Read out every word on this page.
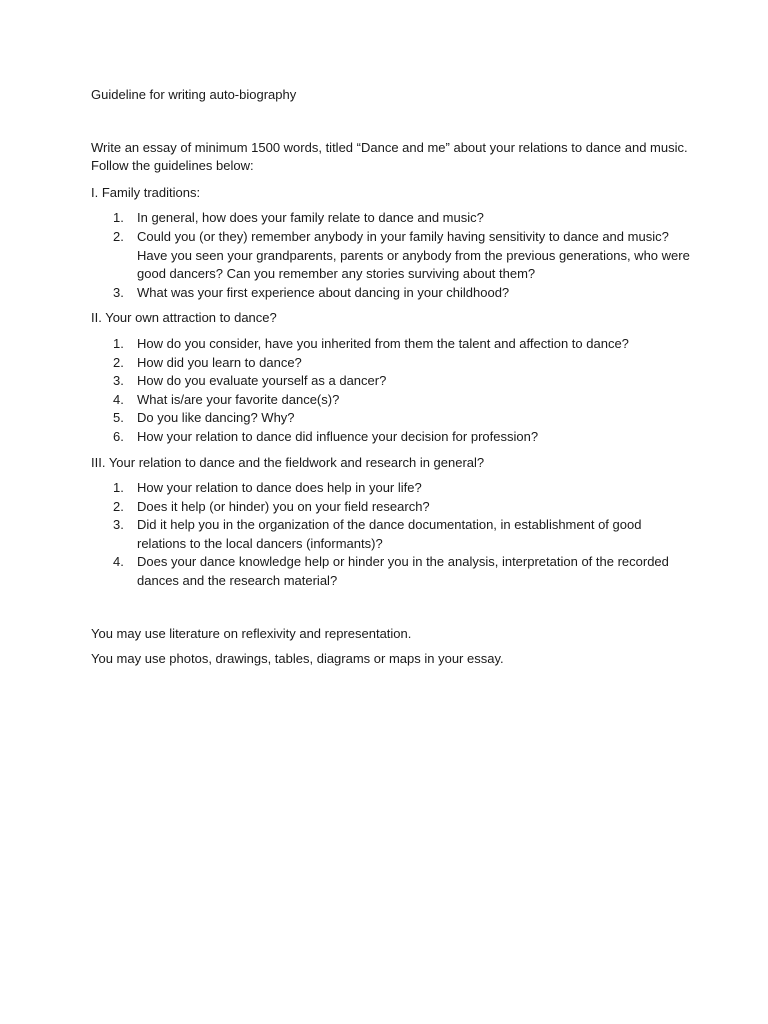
Guideline for writing auto-biography

Write an essay of minimum 1500 words, titled “Dance and me” about your relations to dance and music. Follow the guidelines below:

I. Family traditions:

1. In general, how does your family relate to dance and music?
2. Could you (or they) remember anybody in your family having sensitivity to dance and music? Have you seen your grandparents, parents or anybody from the previous generations, who were good dancers? Can you remember any stories surviving about them?
3. What was your first experience about dancing in your childhood?

II. Your own attraction to dance?

1. How do you consider, have you inherited from them the talent and affection to dance?
2. How did you learn to dance?
3. How do you evaluate yourself as a dancer?
4. What is/are your favorite dance(s)?
5. Do you like dancing? Why?
6. How your relation to dance did influence your decision for profession?

III. Your relation to dance and the fieldwork and research in general?

1. How your relation to dance does help in your life?
2. Does it help (or hinder) you on your field research?
3. Did it help you in the organization of the dance documentation, in establishment of good relations to the local dancers (informants)?
4. Does your dance knowledge help or hinder you in the analysis, interpretation of the recorded dances and the research material?

You may use literature on reflexivity and representation.

You may use photos, drawings, tables, diagrams or maps in your essay.
